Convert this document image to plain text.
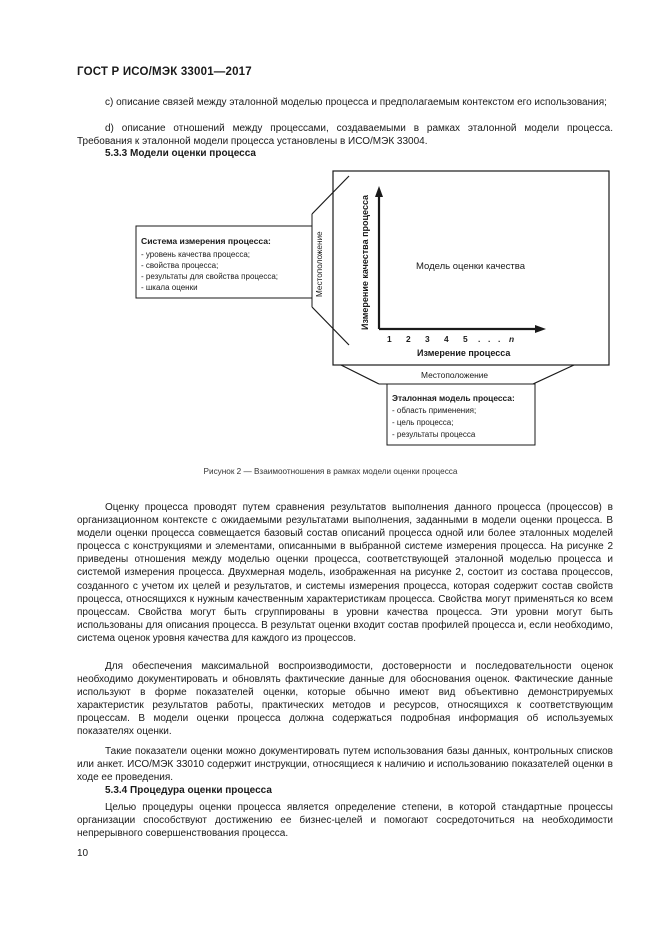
ГОСТ Р ИСО/МЭК 33001—2017

c) описание связей между эталонной моделью процесса и предполагаемым контекстом его использования;

d) описание отношений между процессами, создаваемыми в рамках эталонной модели процесса. Требования к эталонной модели процесса установлены в ИСО/МЭК 33004.

5.3.3 Модели оценки процесса
Система измерения процесса:
- уровень качества процесса;
- свойства процесса;
- результаты для свойства процесса;
- шкала оценки	Местоположение	Измерение качества процесса	Модель оценки качества
1 2 3 4 5 . . . n
Измерение процесса
Местоположение
Эталонная модель процесса:
- область применения;
- цель процесса;
- результаты процесса
Рисунок 2 — Взаимоотношения в рамках модели оценки процесса

Оценку процесса проводят путем сравнения результатов выполнения данного процесса (процессов) в организационном контексте с ожидаемыми результатами выполнения, заданными в модели оценки процесса. В модели оценки процесса совмещается базовый состав описаний процесса одной или более эталонных моделей процесса с конструкциями и элементами, описанными в выбранной системе измерения процесса. На рисунке 2 приведены отношения между моделью оценки процесса, соответствующей эталонной моделью процесса и системой измерения процесса. Двухмерная модель, изображенная на рисунке 2, состоит из состава процессов, созданного с учетом их целей и результатов, и системы измерения процесса, которая содержит состав свойств процесса, относящихся к нужным качественным характеристикам процесса. Свойства могут применяться ко всем процессам. Свойства могут быть сгруппированы в уровни качества процесса. Эти уровни могут быть использованы для описания процесса. В результат оценки входит состав профилей процесса и, если необходимо, система оценок уровня качества для каждого из процессов.

Для обеспечения максимальной воспроизводимости, достоверности и последовательности оценок необходимо документировать и обновлять фактические данные для обоснования оценок. Фактические данные используют в форме показателей оценки, которые обычно имеют вид объективно демонстрируемых характеристик результатов работы, практических методов и ресурсов, относящихся к соответствующим процессам. В модели оценки процесса должна содержаться подробная информация об используемых показателях оценки.

Такие показатели оценки можно документировать путем использования базы данных, контрольных списков или анкет. ИСО/МЭК 33010 содержит инструкции, относящиеся к наличию и использованию показателей оценки в ходе ее проведения.

5.3.4 Процедура оценки процесса

Целью процедуры оценки процесса является определение степени, в которой стандартные процессы организации способствуют достижению ее бизнес-целей и помогают сосредоточиться на необходимости непрерывного совершенствования процесса.

10
